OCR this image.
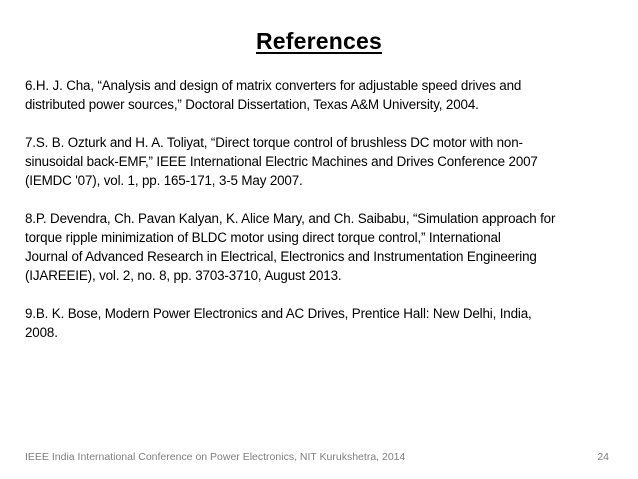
References

6.H. J. Cha, “Analysis and design of matrix converters for adjustable speed drives and
distributed power sources,” Doctoral Dissertation, Texas A&M University, 2004.

7.S. B. Ozturk and H. A. Toliyat, “Direct torque control of brushless DC motor with non-
sinusoidal back-EMF,” IEEE International Electric Machines and Drives Conference 2007
(IEMDC '07), vol. 1, pp. 165-171, 3-5 May 2007.

8.P. Devendra, Ch. Pavan Kalyan, K. Alice Mary, and Ch. Saibabu, “Simulation approach for
torque ripple minimization of BLDC motor using direct torque control,” International
Journal of Advanced Research in Electrical, Electronics and Instrumentation Engineering
(IJAREEIE), vol. 2, no. 8, pp. 3703-3710, August 2013.

9.B. K. Bose, Modern Power Electronics and AC Drives, Prentice Hall: New Delhi, India,
2008.

IEEE India International Conference on Power Electronics, NIT Kurukshetra, 2014	24
